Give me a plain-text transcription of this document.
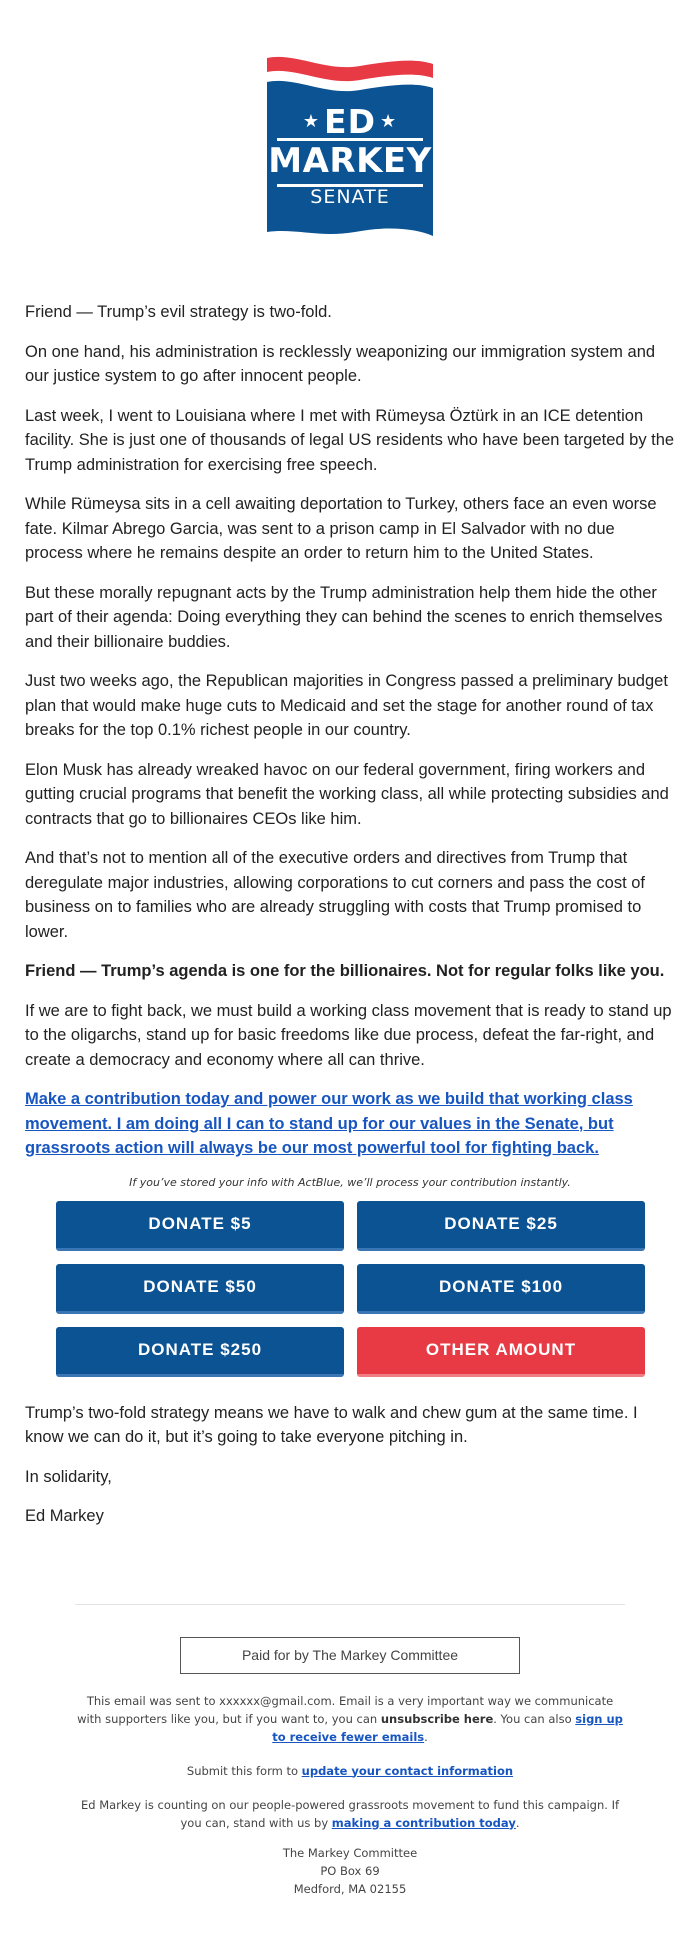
★ ED ★
MARKEY
SENATE

Friend — Trump’s evil strategy is two-fold.

On one hand, his administration is recklessly weaponizing our immigration system and our justice system to go after innocent people.

Last week, I went to Louisiana where I met with Rümeysa Öztürk in an ICE detention facility. She is just one of thousands of legal US residents who have been targeted by the Trump administration for exercising free speech.

While Rümeysa sits in a cell awaiting deportation to Turkey, others face an even worse fate. Kilmar Abrego Garcia, was sent to a prison camp in El Salvador with no due process where he remains despite an order to return him to the United States.

But these morally repugnant acts by the Trump administration help them hide the other part of their agenda: Doing everything they can behind the scenes to enrich themselves and their billionaire buddies.

Just two weeks ago, the Republican majorities in Congress passed a preliminary budget plan that would make huge cuts to Medicaid and set the stage for another round of tax breaks for the top 0.1% richest people in our country.

Elon Musk has already wreaked havoc on our federal government, firing workers and gutting crucial programs that benefit the working class, all while protecting subsidies and contracts that go to billionaires CEOs like him.

And that’s not to mention all of the executive orders and directives from Trump that deregulate major industries, allowing corporations to cut corners and pass the cost of business on to families who are already struggling with costs that Trump promised to lower.

Friend — Trump’s agenda is one for the billionaires. Not for regular folks like you.

If we are to fight back, we must build a working class movement that is ready to stand up to the oligarchs, stand up for basic freedoms like due process, defeat the far-right, and create a democracy and economy where all can thrive.

Make a contribution today and power our work as we build that working class movement. I am doing all I can to stand up for our values in the Senate, but grassroots action will always be our most powerful tool for fighting back.
If you’ve stored your info with ActBlue, we’ll process your contribution instantly.
DONATE $5	DONATE $25
DONATE $50	DONATE $100
DONATE $250	OTHER AMOUNT

Trump’s two-fold strategy means we have to walk and chew gum at the same time. I know we can do it, but it’s going to take everyone pitching in.

In solidarity,

Ed Markey

Paid for by The Markey Committee

This email was sent to xxxxxx@gmail.com. Email is a very important way we communicate with supporters like you, but if you want to, you can unsubscribe here. You can also sign up to receive fewer emails.

Submit this form to update your contact information

Ed Markey is counting on our people-powered grassroots movement to fund this campaign. If you can, stand with us by making a contribution today.

The Markey Committee
PO Box 69
Medford, MA 02155
